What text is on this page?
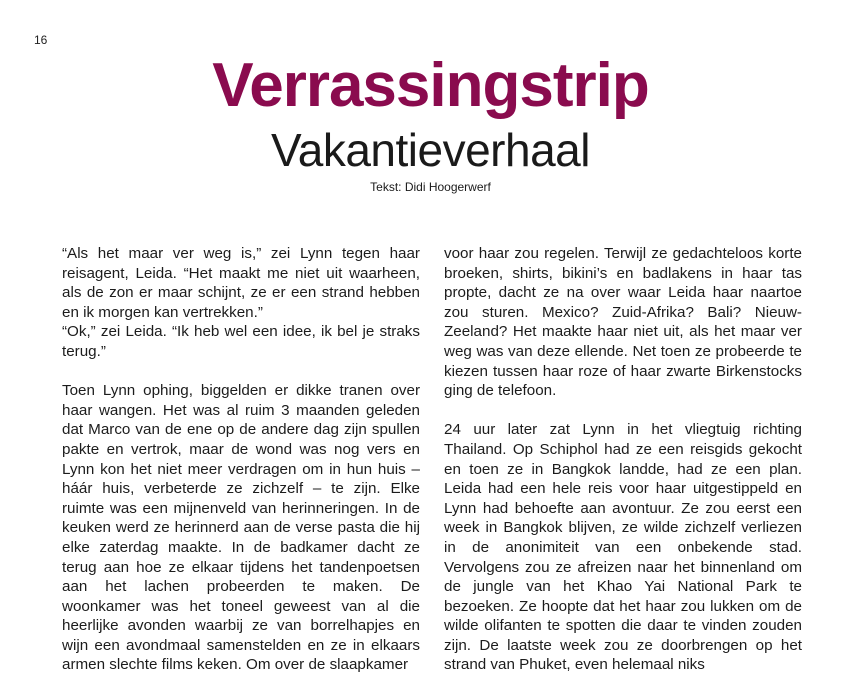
16
Verrassingstrip
Vakantieverhaal
Tekst: Didi Hoogerwerf

“Als het maar ver weg is,” zei Lynn tegen haar reisagent, Leida. “Het maakt me niet uit waarheen, als de zon er maar schijnt, ze er een strand hebben en ik morgen kan vertrekken.”

“Ok,” zei Leida. “Ik heb wel een idee, ik bel je straks terug.”

Toen Lynn ophing, biggelden er dikke tranen over haar wangen. Het was al ruim 3 maanden geleden dat Marco van de ene op de andere dag zijn spullen pakte en vertrok, maar de wond was nog vers en Lynn kon het niet meer verdragen om in hun huis – háár huis, verbeterde ze zichzelf – te zijn. Elke ruimte was een mijnenveld van herinneringen. In de keuken werd ze herinnerd aan de verse pasta die hij elke zaterdag maakte. In de badkamer dacht ze terug aan hoe ze elkaar tijdens het tandenpoetsen aan het lachen probeerden te maken. De woonkamer was het toneel geweest van al die heerlijke avonden waarbij ze van borrelhapjes en wijn een avondmaal samenstelden en ze in elkaars armen slechte films keken. Om over de slaapkamer

voor haar zou regelen. Terwijl ze gedachteloos korte broeken, shirts, bikini’s en badlakens in haar tas propte, dacht ze na over waar Leida haar naartoe zou sturen. Mexico? Zuid-Afrika? Bali? Nieuw-Zeeland? Het maakte haar niet uit, als het maar ver weg was van deze ellende. Net toen ze probeerde te kiezen tussen haar roze of haar zwarte Birkenstocks ging de telefoon.

24 uur later zat Lynn in het vliegtuig richting Thailand. Op Schiphol had ze een reisgids gekocht en toen ze in Bangkok landde, had ze een plan. Leida had een hele reis voor haar uitgestippeld en Lynn had behoefte aan avontuur. Ze zou eerst een week in Bangkok blijven, ze wilde zichzelf verliezen in de anonimiteit van een onbekende stad. Vervolgens zou ze afreizen naar het binnenland om de jungle van het Khao Yai National Park te bezoeken. Ze hoopte dat het haar zou lukken om de wilde olifanten te spotten die daar te vinden zouden zijn. De laatste week zou ze doorbrengen op het strand van Phuket, even helemaal niks
